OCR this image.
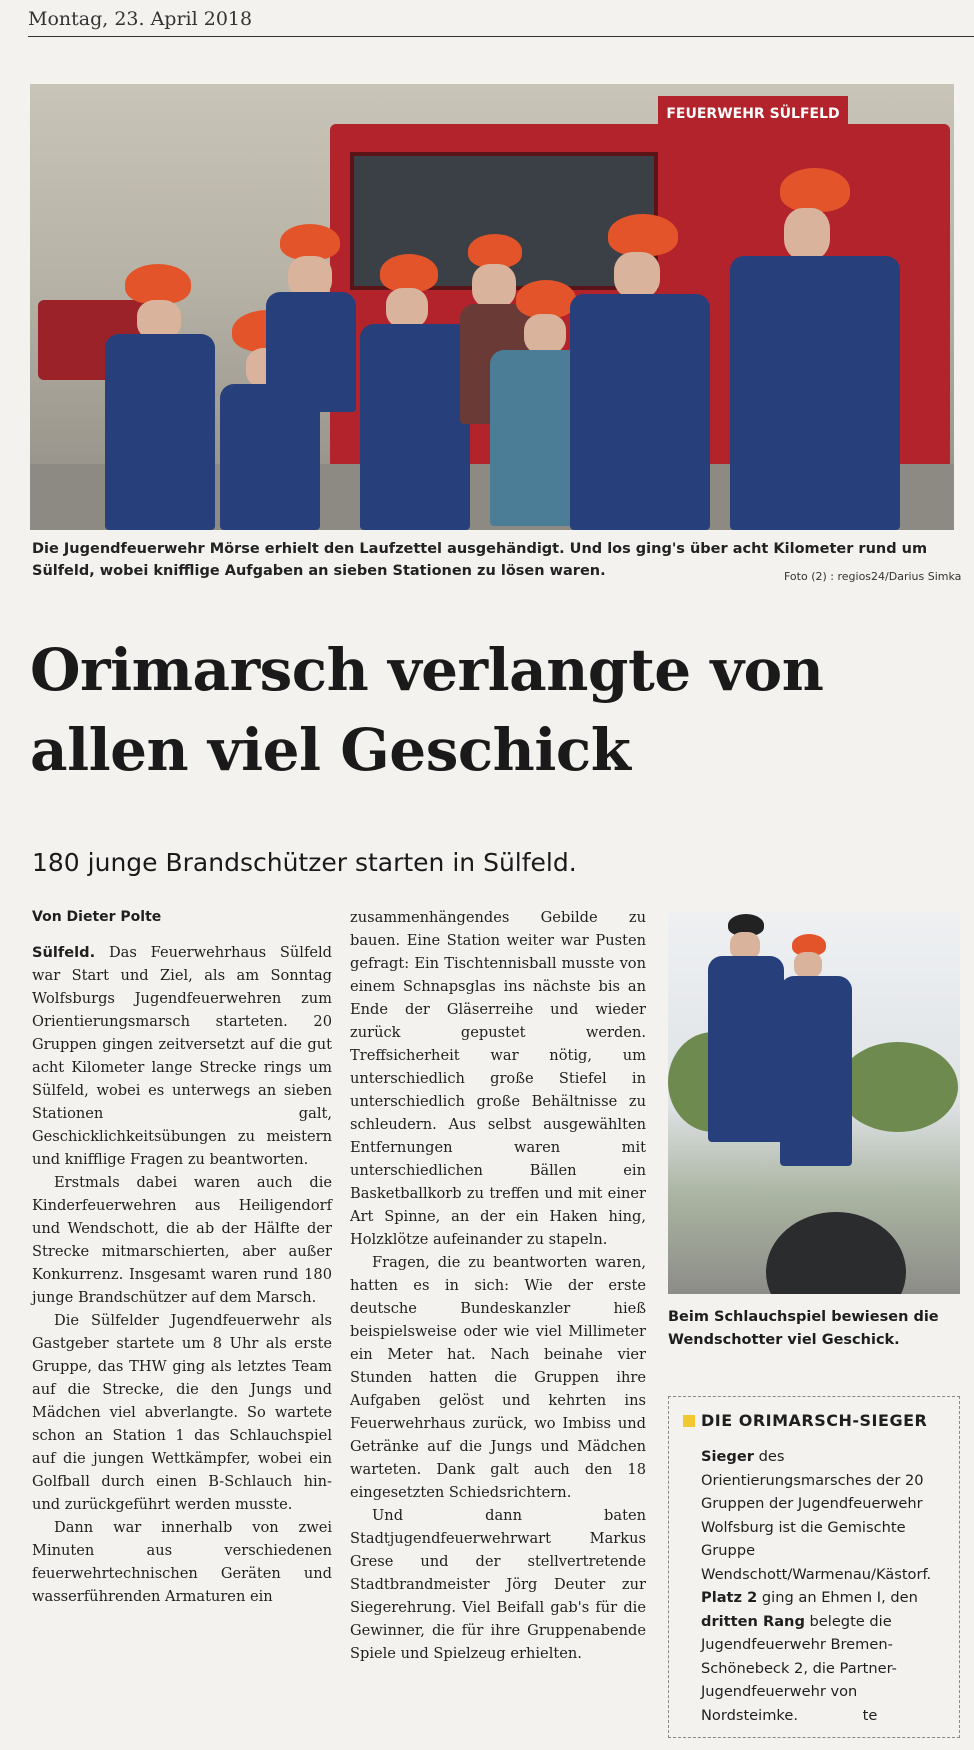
Montag, 23. April 2018
FEUERWEHR SÜLFELD
Die Jugendfeuerwehr Mörse erhielt den Laufzettel ausgehändigt. Und los ging's über acht Kilometer rund um Sülfeld, wobei knifflige Aufgaben an sieben Stationen zu lösen waren.	Foto (2) : regios24/Darius Simka
Orimarsch verlangte von allen viel Geschick
180 junge Brandschützer starten in Sülfeld.
Von Dieter Polte

Sülfeld. Das Feuerwehrhaus Sülfeld war Start und Ziel, als am Sonntag Wolfsburgs Jugendfeuerwehren zum Orientierungsmarsch starteten. 20 Gruppen gingen zeitversetzt auf die gut acht Kilometer lange Strecke rings um Sülfeld, wobei es unterwegs an sieben Stationen galt, Geschicklichkeitsübungen zu meistern und knifflige Fragen zu beantworten.

Erstmals dabei waren auch die Kinderfeuerwehren aus Heiligendorf und Wendschott, die ab der Hälfte der Strecke mitmarschierten, aber außer Konkurrenz. Insgesamt waren rund 180 junge Brandschützer auf dem Marsch.

Die Sülfelder Jugendfeuerwehr als Gastgeber startete um 8 Uhr als erste Gruppe, das THW ging als letztes Team auf die Strecke, die den Jungs und Mädchen viel abverlangte. So wartete schon an Station 1 das Schlauchspiel auf die jungen Wettkämpfer, wobei ein Golfball durch einen B-Schlauch hin- und zurückgeführt werden musste.

Dann war innerhalb von zwei Minuten aus verschiedenen feuerwehrtechnischen Geräten und wasserführenden Armaturen ein

zusammenhängendes Gebilde zu bauen. Eine Station weiter war Pusten gefragt: Ein Tischtennisball musste von einem Schnapsglas ins nächste bis an Ende der Gläserreihe und wieder zurück gepustet werden. Treffsicherheit war nötig, um unterschiedlich große Stiefel in unterschiedlich große Behältnisse zu schleudern. Aus selbst ausgewählten Entfernungen waren mit unterschiedlichen Bällen ein Basketballkorb zu treffen und mit einer Art Spinne, an der ein Haken hing, Holzklötze aufeinander zu stapeln.

Fragen, die zu beantworten waren, hatten es in sich: Wie der erste deutsche Bundeskanzler hieß beispielsweise oder wie viel Millimeter ein Meter hat. Nach beinahe vier Stunden hatten die Gruppen ihre Aufgaben gelöst und kehrten ins Feuerwehrhaus zurück, wo Imbiss und Getränke auf die Jungs und Mädchen warteten. Dank galt auch den 18 eingesetzten Schiedsrichtern.

Und dann baten Stadtjugendfeuerwehrwart Markus Grese und der stellvertretende Stadtbrandmeister Jörg Deuter zur Siegerehrung. Viel Beifall gab's für die Gewinner, die für ihre Gruppenabende Spiele und Spielzeug erhielten.

Beim Schlauchspiel bewiesen die Wendschotter viel Geschick.
DIE ORIMARSCH-SIEGER
Sieger des Orientierungsmarsches der 20 Gruppen der Jugendfeuerwehr Wolfsburg ist die Gemischte Gruppe Wendschott/Warmenau/Kästorf. Platz 2 ging an Ehmen I, den dritten Rang belegte die Jugendfeuerwehr Bremen-Schönebeck 2, die Partner-Jugendfeuerwehr von Nordsteimke.	te
